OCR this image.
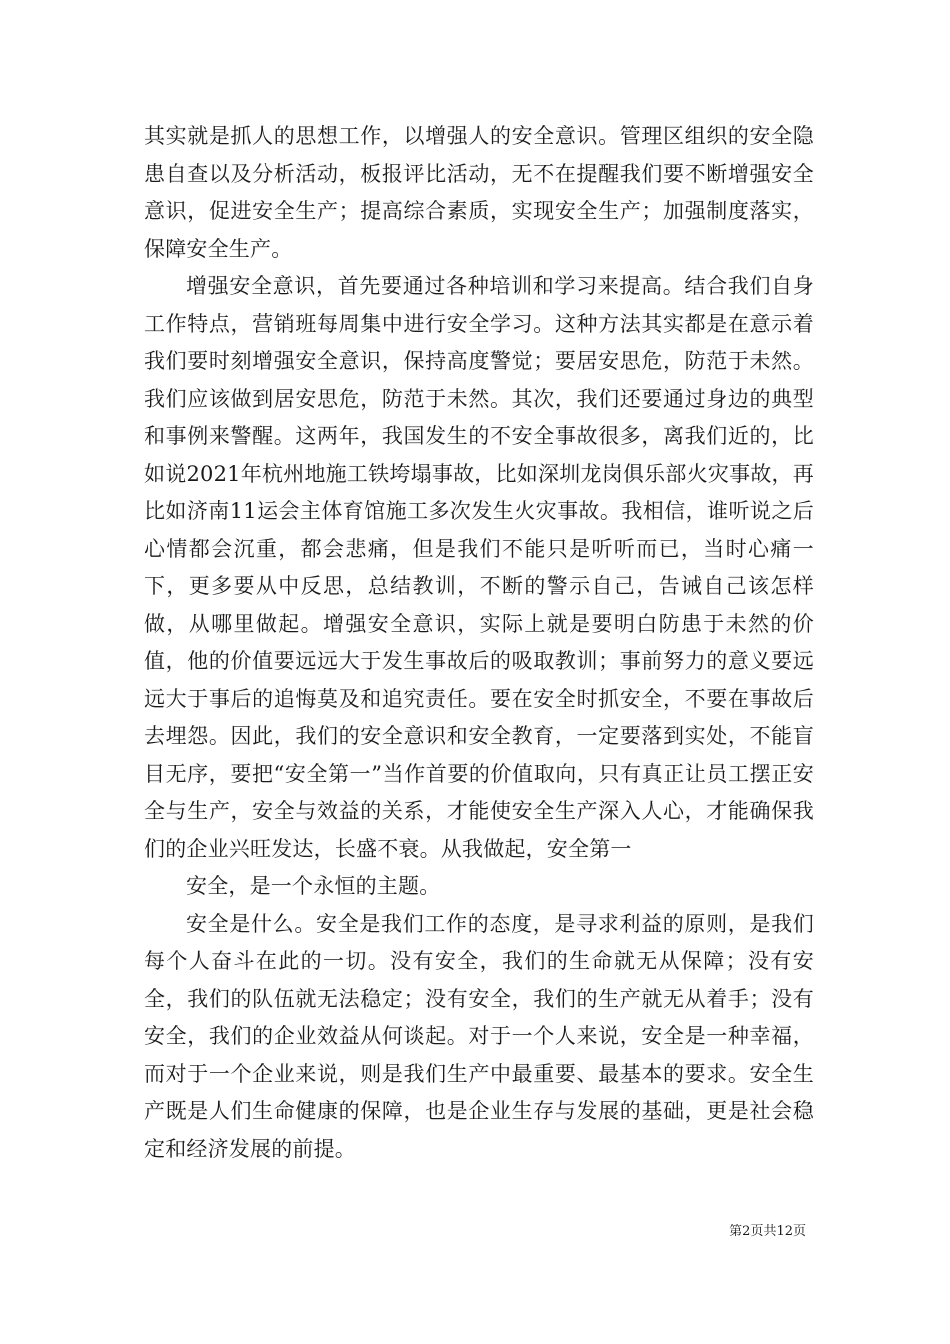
其实就是抓人的思想工作，以增强人的安全意识。管理区组织的安全隐患自查以及分析活动，板报评比活动，无不在提醒我们要不断增强安全意识，促进安全生产；提高综合素质，实现安全生产；加强制度落实，保障安全生产。

增强安全意识，首先要通过各种培训和学习来提高。结合我们自身工作特点，营销班每周集中进行安全学习。这种方法其实都是在意示着我们要时刻增强安全意识，保持高度警觉；要居安思危，防范于未然。我们应该做到居安思危，防范于未然。其次，我们还要通过身边的典型和事例来警醒。这两年，我国发生的不安全事故很多，离我们近的，比如说2021年杭州地施工铁垮塌事故，比如深圳龙岗俱乐部火灾事故，再比如济南11运会主体育馆施工多次发生火灾事故。我相信，谁听说之后心情都会沉重，都会悲痛，但是我们不能只是听听而已，当时心痛一下，更多要从中反思，总结教训，不断的警示自己，告诫自己该怎样做，从哪里做起。增强安全意识，实际上就是要明白防患于未然的价值，他的价值要远远大于发生事故后的吸取教训；事前努力的意义要远远大于事后的追悔莫及和追究责任。要在安全时抓安全，不要在事故后去埋怨。因此，我们的安全意识和安全教育，一定要落到实处，不能盲目无序，要把“安全第一”当作首要的价值取向，只有真正让员工摆正安全与生产，安全与效益的关系，才能使安全生产深入人心，才能确保我们的企业兴旺发达，长盛不衰。从我做起，安全第一

安全，是一个永恒的主题。

安全是什么。安全是我们工作的态度，是寻求利益的原则，是我们每个人奋斗在此的一切。没有安全，我们的生命就无从保障；没有安全，我们的队伍就无法稳定；没有安全，我们的生产就无从着手；没有安全，我们的企业效益从何谈起。对于一个人来说，安全是一种幸福，而对于一个企业来说，则是我们生产中最重要、最基本的要求。安全生产既是人们生命健康的保障，也是企业生存与发展的基础，更是社会稳定和经济发展的前提。

第2页共12页
